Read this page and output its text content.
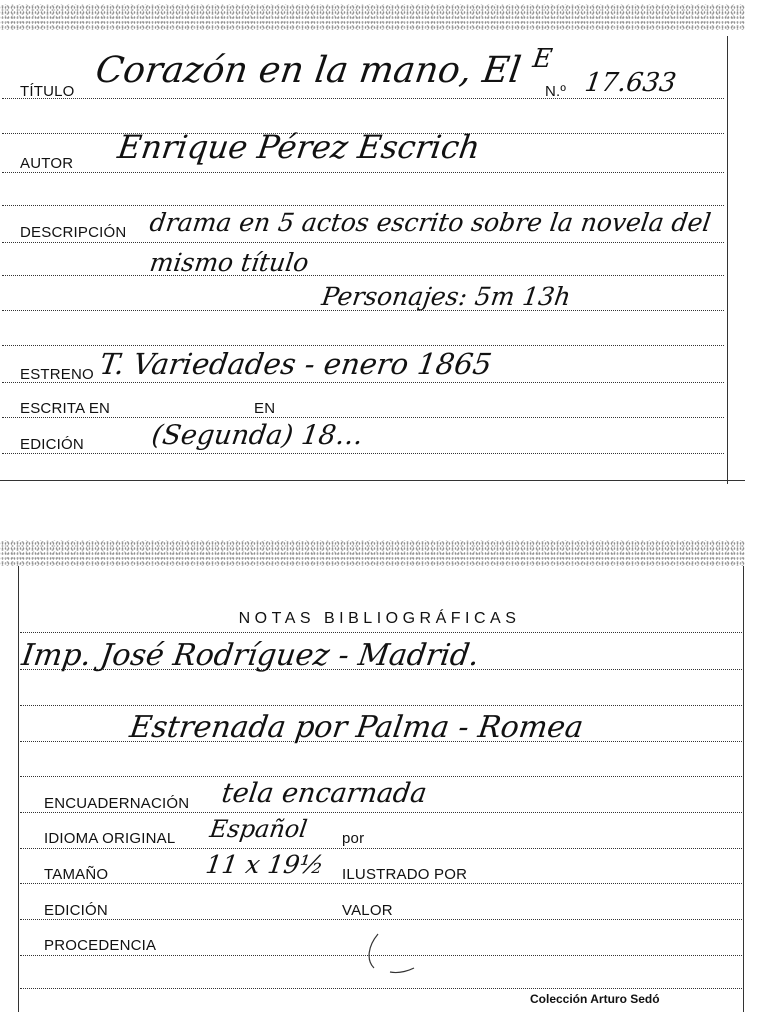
TÍTULO
Corazón en la mano, El E
N.º 17.633
AUTOR Enrique Pérez Escrich
DESCRIPCIÓN drama en 5 actos escrito sobre la novela del
mismo título
Personajes: 5m 13h
ESTRENO T. Variedades - enero 1865
ESCRITA EN	EN
EDICIÓN (Segunda) 18…
NOTAS BIBLIOGRÁFICAS
Imp. José Rodríguez - Madrid.
Estrenada por Palma - Romea
ENCUADERNACIÓN tela encarnada
IDIOMA ORIGINAL Español por
TAMAÑO	11 x 19½ ILUSTRADO POR
EDICIÓN	VALOR
PROCEDENCIA
Colección Arturo Sedó
